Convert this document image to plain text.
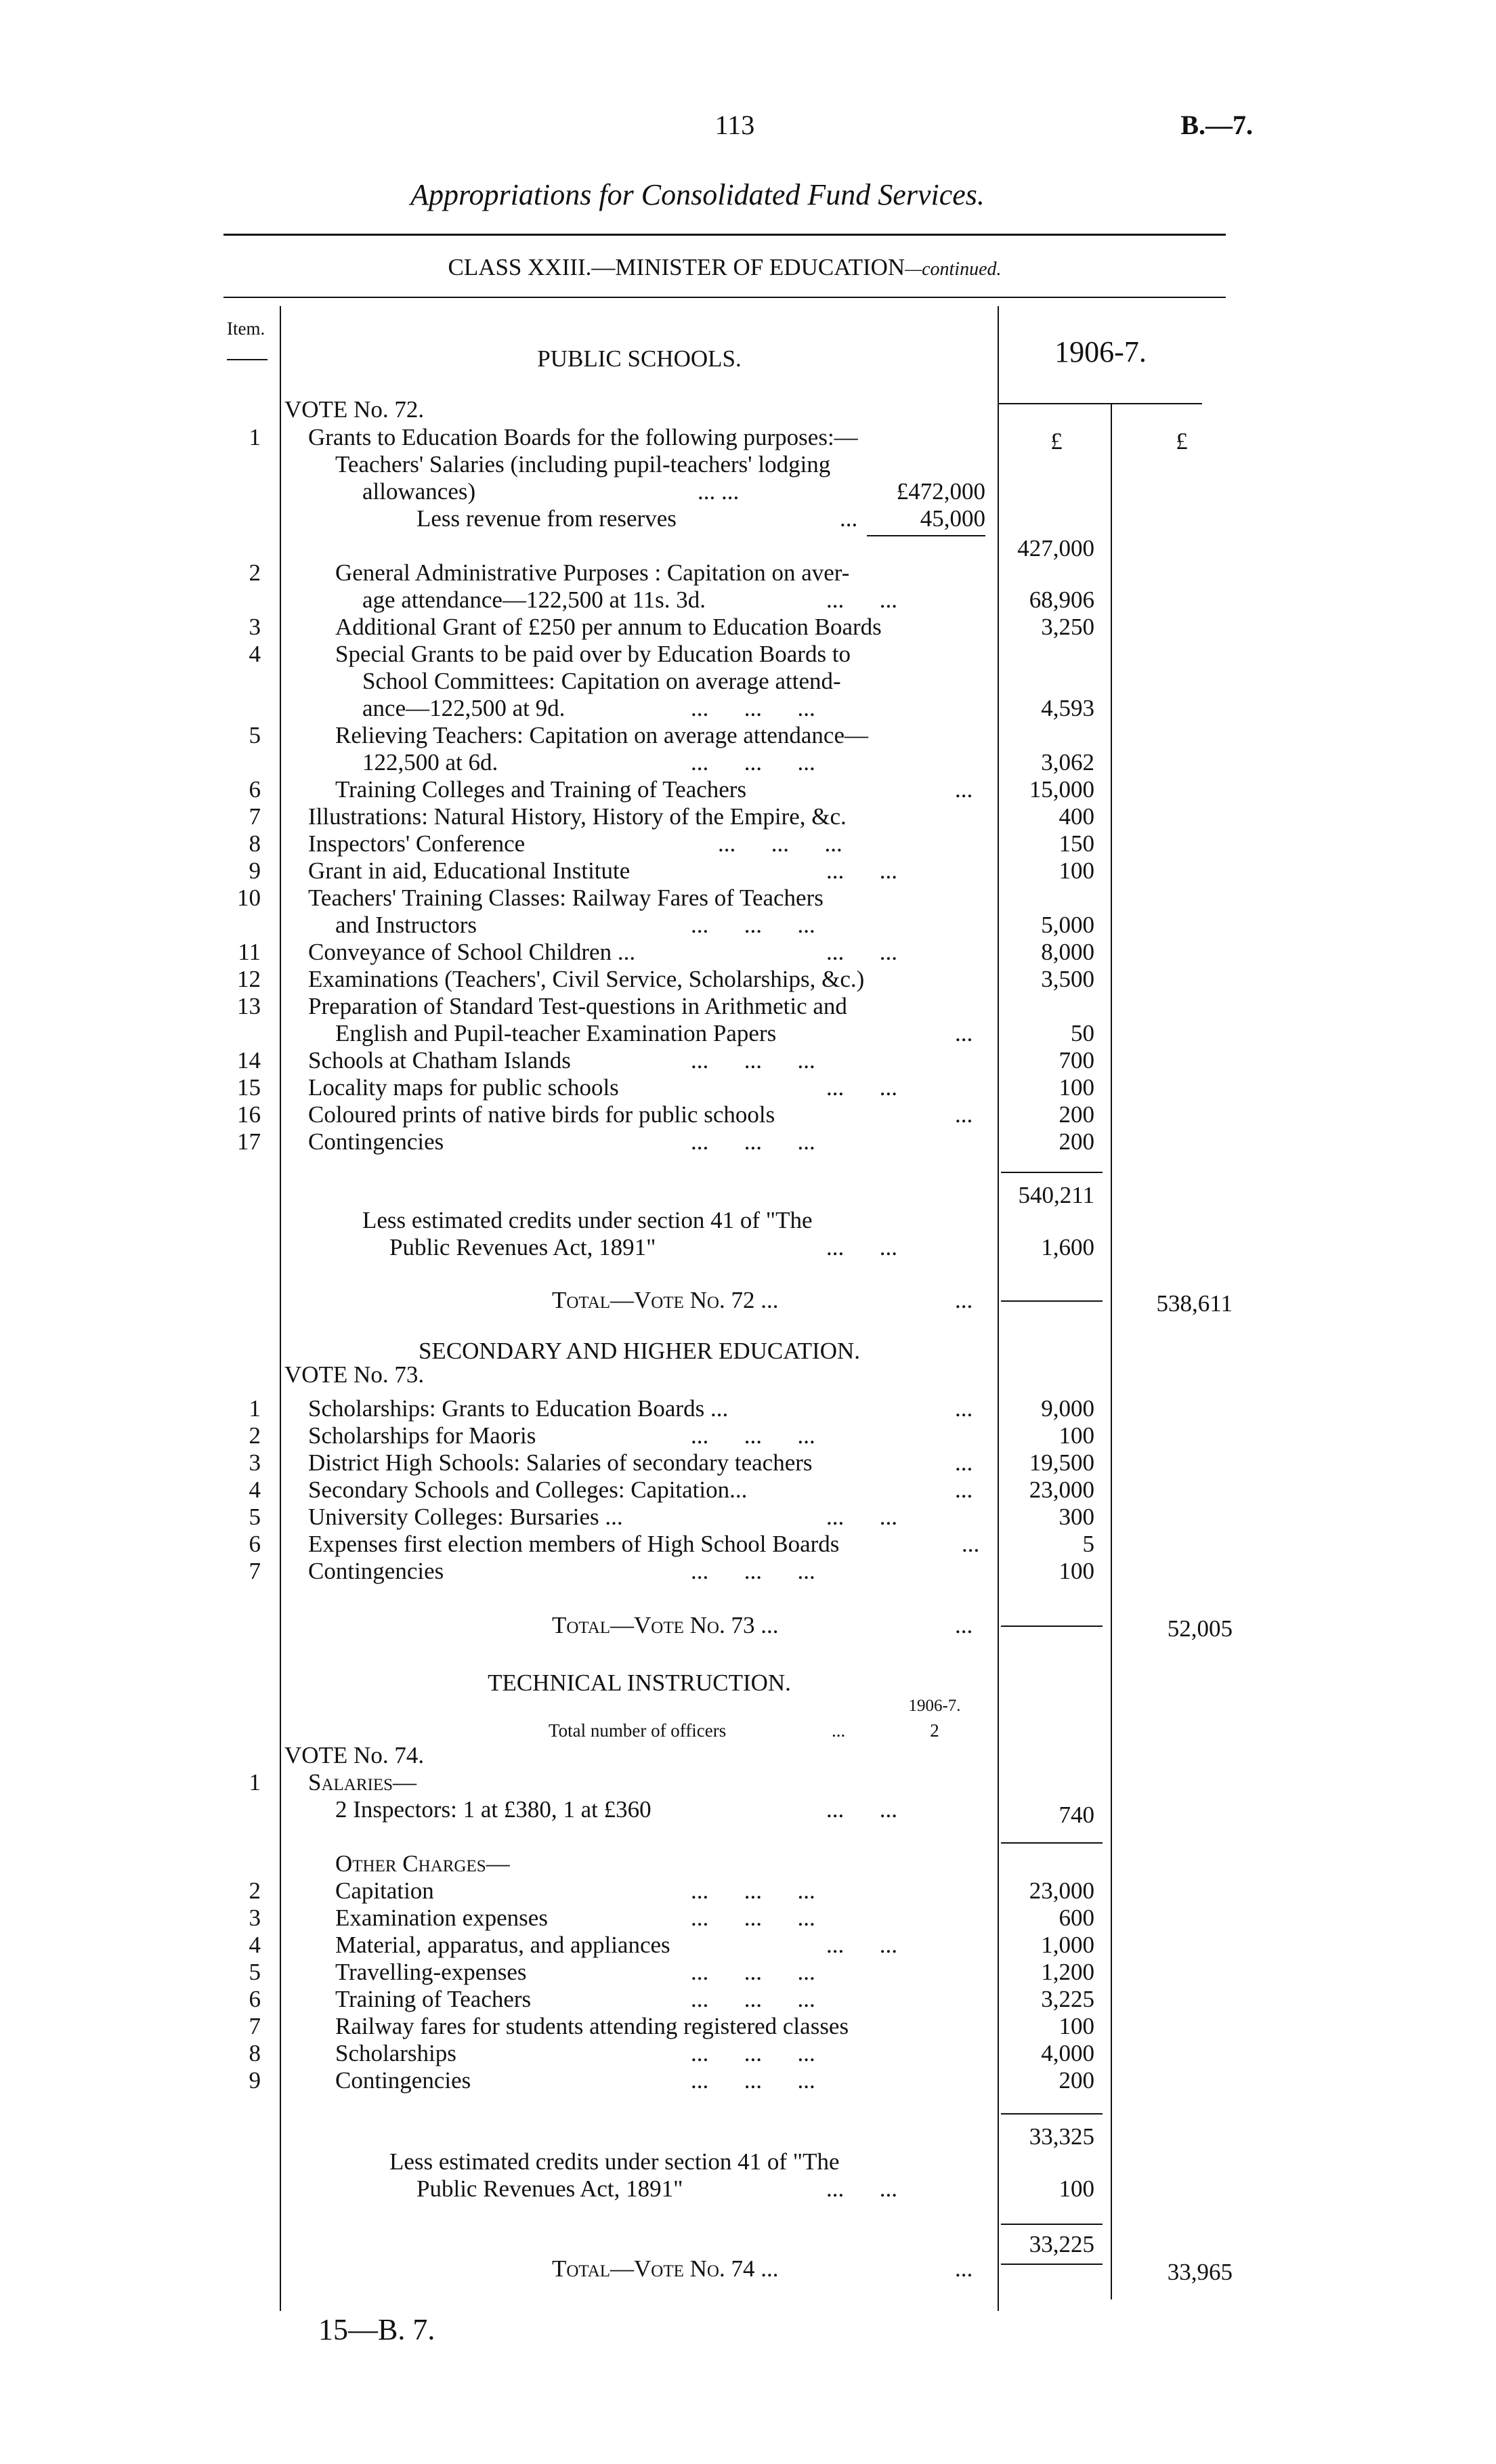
113	B.—7.
Appropriations for Consolidated Fund Services.
CLASS XXIII.—MINISTER OF EDUCATION—continued.
Item.
1906-7.
PUBLIC SCHOOLS.
VOTE No. 72.
£	£
1 Grants to Education Boards for the following purposes:—
Teachers' Salaries (including pupil-teachers' lodging
allowances)	... ...	£472,000
Less revenue from reserves	...	45,000
427,000
2	General Administrative Purposes : Capitation on aver-
age attendance—122,500 at 11s. 3d.	...      ...	68,906
3	Additional Grant of £250 per annum to Education Boards	3,250
4	Special Grants to be paid over by Education Boards to
School Committees: Capitation on average attend-
ance—122,500 at 9d.	...      ...      ...	4,593
5	Relieving Teachers: Capitation on average attendance—
122,500 at 6d.	...      ...      ...	3,062
6	Training Colleges and Training of Teachers	...	15,000
7 Illustrations: Natural History, History of the Empire, &c.	400
8 Inspectors' Conference	...      ...      ...	150
9 Grant in aid, Educational Institute	...      ...	100
10 Teachers' Training Classes: Railway Fares of Teachers
and Instructors	...      ...      ...	5,000
11 Conveyance of School Children ...	...      ...	8,000
12 Examinations (Teachers', Civil Service, Scholarships, &c.)	3,500
13 Preparation of Standard Test-questions in Arithmetic and
English and Pupil-teacher Examination Papers	...	50
14 Schools at Chatham Islands	...      ...      ...	700
15 Locality maps for public schools	...      ...	100
16 Coloured prints of native birds for public schools	...	200
17 Contingencies	...      ...      ...	200
540,211
Less estimated credits under section 41 of "The
Public Revenues Act, 1891"	...      ...	1,600
Total—Vote No. 72 ...	...	538,611
SECONDARY AND HIGHER EDUCATION.
VOTE No. 73.
1 Scholarships: Grants to Education Boards ...	...	9,000
2 Scholarships for Maoris	...      ...      ...	100
3 District High Schools: Salaries of secondary teachers	...	19,500
4 Secondary Schools and Colleges: Capitation...	...	23,000
5 University Colleges: Bursaries ...	...      ...	300
6 Expenses first election members of High School Boards	...	5
7 Contingencies	...      ...      ...	100
Total—Vote No. 73 ...	...	52,005
TECHNICAL INSTRUCTION.
1906-7.
Total number of officers	...	2
VOTE No. 74.
1 Salaries—
2 Inspectors: 1 at £380, 1 at £360	...      ...	740
Other Charges—
2	Capitation	...      ...      ...	23,000
3	Examination expenses	...      ...      ...	600
4	Material, apparatus, and appliances	...      ...	1,000
5	Travelling-expenses	...      ...      ...	1,200
6	Training of Teachers	...      ...      ...	3,225
7	Railway fares for students attending registered classes	100
8	Scholarships	...      ...      ...	4,000
9	Contingencies	...      ...      ...	200
33,325
Less estimated credits under section 41 of "The
Public Revenues Act, 1891"	...      ...	100
33,225
Total—Vote No. 74 ...	...	33,965
15—B. 7.
